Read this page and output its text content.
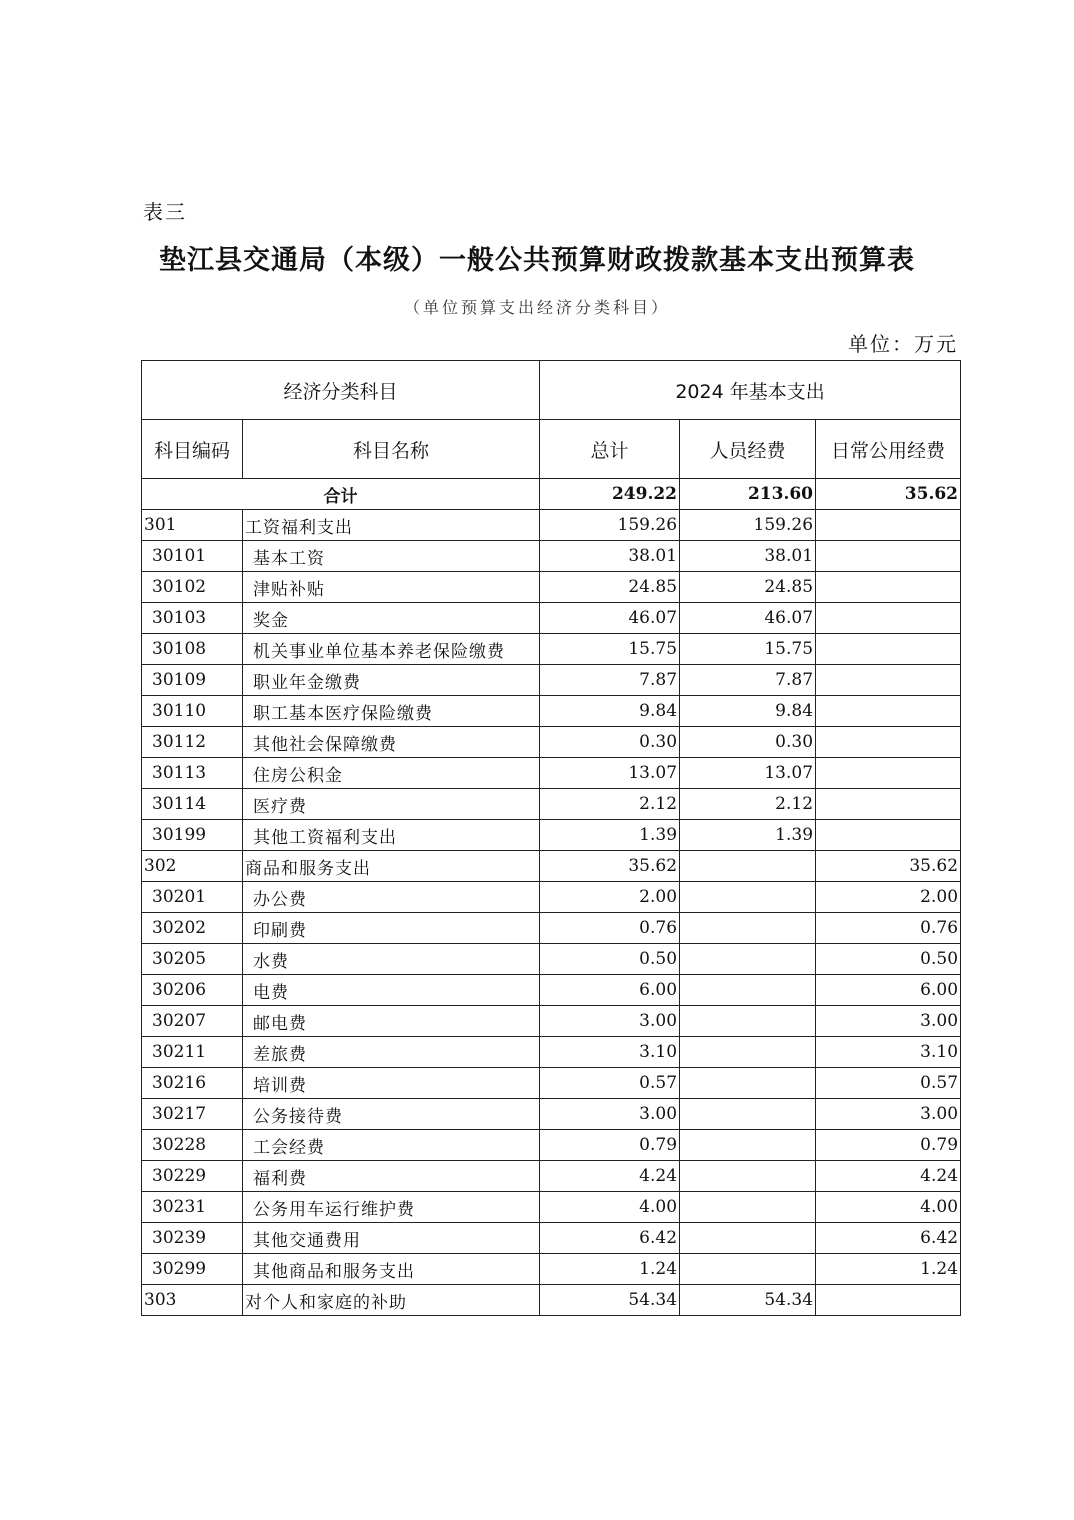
表三
垫江县交通局（本级）一般公共预算财政拨款基本支出预算表
（单位预算支出经济分类科目）
单位：万元
经济分类科目		2024 年基本支出		
科目编码	科目名称	总计	人员经费	日常公用经费
合计		249.22	213.60	35.62
301	工资福利支出	159.26	159.26	
30101	基本工资	38.01	38.01	
30102	津贴补贴	24.85	24.85	
30103	奖金	46.07	46.07	
30108	机关事业单位基本养老保险缴费	15.75	15.75	
30109	职业年金缴费	7.87	7.87	
30110	职工基本医疗保险缴费	9.84	9.84	
30112	其他社会保障缴费	0.30	0.30	
30113	住房公积金	13.07	13.07	
30114	医疗费	2.12	2.12	
30199	其他工资福利支出	1.39	1.39	
302	商品和服务支出	35.62		35.62
30201	办公费	2.00		2.00
30202	印刷费	0.76		0.76
30205	水费	0.50		0.50
30206	电费	6.00		6.00
30207	邮电费	3.00		3.00
30211	差旅费	3.10		3.10
30216	培训费	0.57		0.57
30217	公务接待费	3.00		3.00
30228	工会经费	0.79		0.79
30229	福利费	4.24		4.24
30231	公务用车运行维护费	4.00		4.00
30239	其他交通费用	6.42		6.42
30299	其他商品和服务支出	1.24		1.24
303	对个人和家庭的补助	54.34	54.34	
